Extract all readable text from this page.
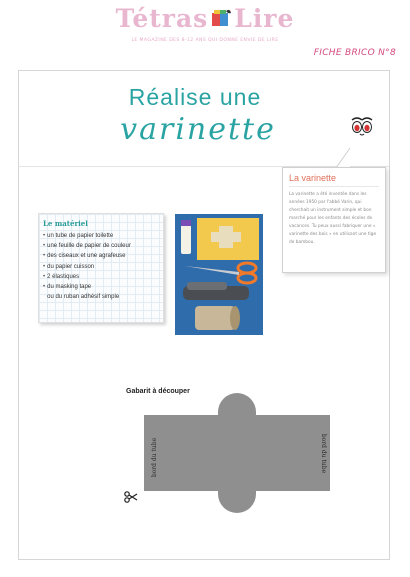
Tétras Lire
LE MAGAZINE DES 8-12 ANS QUI DONNE ENVIE DE LIRE
FICHE BRICO N°8
Réalise une
varinette
La varinette
La varinette a été inventée dans les années 1950 par l'abbé Varin, qui cherchait un instrument simple et bon marché pour les enfants des écoles de vacances. Tu peux aussi fabriquer une « varinette des bois » en utilisant une tige de bambou.
Le matériel
• un tube de papier toilette
• une feuille de papier de couleur
• des ciseaux et une agrafeuse
• du papier cuisson
• 2 élastiques
• du masking tape
ou du ruban adhésif simple
Gabarit à découper
bord du tube	bord du tube
